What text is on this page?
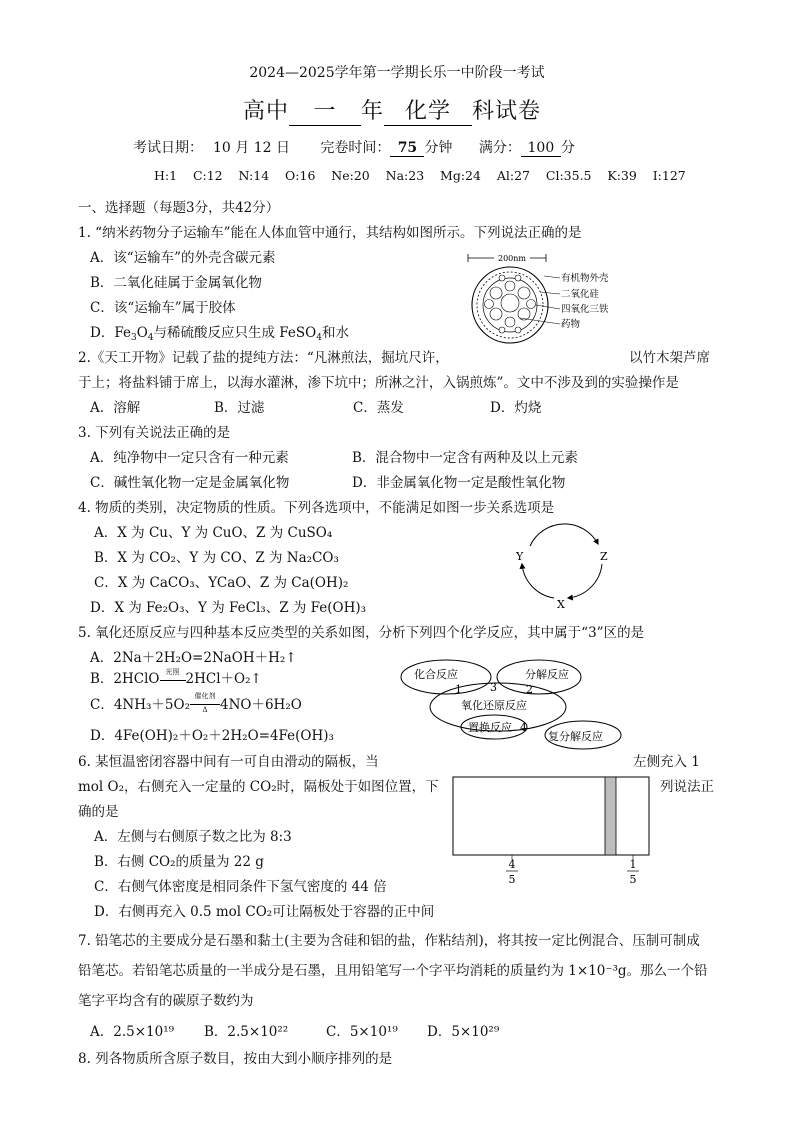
2024—2025学年第一学期长乐一中阶段一考试
高中 一 年 化学 科试卷
考试日期： 10 月 12 日 完卷时间： 75 分钟 满分： 100 分
H:1    C:12    N:14    O:16    Ne:20    Na:23    Mg:24    Al:27    Cl:35.5    K:39    I:127
一、选择题（每题3分，共42分）
1. “纳米药物分子运输车”能在人体血管中通行，其结构如图所示。下列说法正确的是
A．该“运输车”的外壳含碳元素
B．二氧化硅属于金属氧化物
C．该“运输车”属于胶体
D．$Fe_3O_4$与稀硫酸反应只生成 FeSO$_4$和水
200nm
有机物外壳
二氧化硅
四氧化三铁
药物
2.《天工开物》记载了盐的提纯方法：“凡淋煎法，掘坑尺许，	以竹木架芦席
于上；将盐料铺于席上，以海水灌淋，渗下坑中；所淋之汁，入锅煎炼”。文中不涉及到的实验操作是
A．溶解	B．过滤	C．蒸发	D．灼烧
3. 下列有关说法正确的是
A．纯净物中一定只含有一种元素	B．混合物中一定含有两种及以上元素
C．碱性氧化物一定是金属氧化物	D．非金属氧化物一定是酸性氧化物
4. 物质的类别，决定物质的性质。下列各选项中，不能满足如图一步关系选项是
A．X 为 Cu、Y 为 CuO、Z 为 CuSO₄
B．X 为 CO₂、Y 为 CO、Z 为 Na₂CO₃
C．X 为 CaCO₃、YCaO、Z 为 Ca(OH)₂
D．X 为 Fe₂O₃、Y 为 FeCl₃、Z 为 Fe(OH)₃
Y	Z
X
5. 氧化还原反应与四种基本反应类型的关系如图，分析下列四个化学反应，其中属于“3”区的是
A．2Na＋2H₂O=2NaOH＋H₂↑
B．2HClO 光照 2HCl＋O₂↑
C．4NH₃＋5O₂
催化剂
Δ 4NO＋6H₂O
D．4Fe(OH)₂＋O₂＋2H₂O=4Fe(OH)₃
化合反应	分解反应
氧化还原反应
置换反应
复分解反应
1	3	2
4
6. 某恒温密闭容器中间有一可自由滑动的隔板，当	左侧充入 1
mol O₂，右侧充入一定量的 CO₂时，隔板处于如图位置，下	列说法正
确的是
A．左侧与右侧原子数之比为 8:3
B．右侧 CO₂的质量为 22 g
C．右侧气体密度是相同条件下氢气密度的 44 倍
D．右侧再充入 0.5 mol CO₂可让隔板处于容器的正中间
4
5
1
5
7. 铅笔芯的主要成分是石墨和黏土(主要为含硅和铝的盐，作粘结剂)，将其按一定比例混合、压制可制成
铅笔芯。若铅笔芯质量的一半成分是石墨，且用铅笔写一个字平均消耗的质量约为 1×10⁻³g。那么一个铅
笔字平均含有的碳原子数约为
A．2.5×10¹⁹ B．2.5×10²²	C．5×10¹⁹ D．5×10²⁹
8. 列各物质所含原子数目，按由大到小顺序排列的是
